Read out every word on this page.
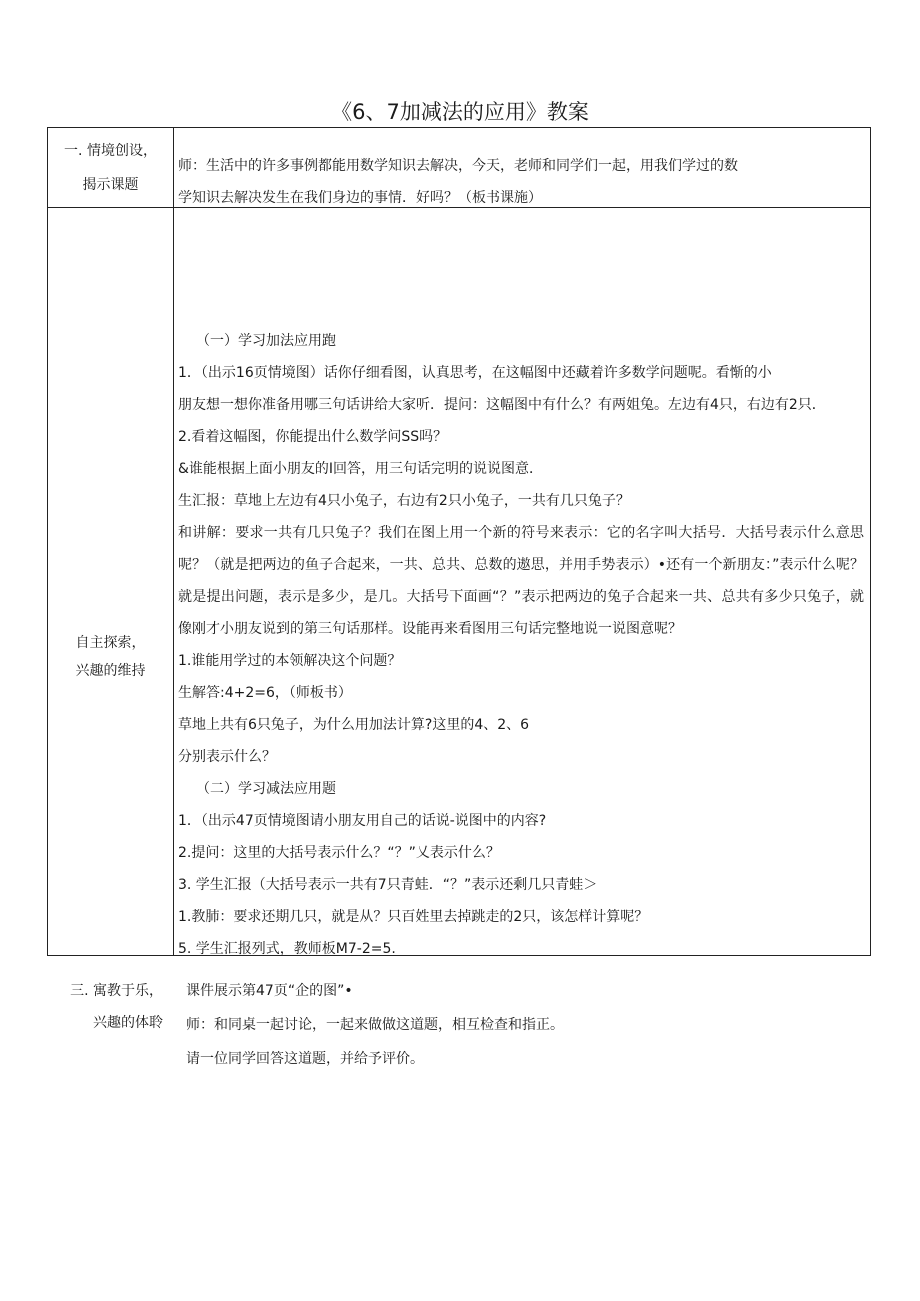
《6、7加减法的应用》教案
一. 情境创设，
揭示课题
师：生活中的许多事例都能用数学知识去解决，今天，老师和同学们一起，用我们学过的数
学知识去解决发生在我们身边的事情．好吗？（板书课施）
自主探索，
兴趣的维持
（一）学习加法应用跑
1．（出示16页情境图）话你仔细看图，认真思考，在这幅图中还藏着许多数学问题呢。看惭的小
朋友想一想你准备用哪三句话讲给大家听．提问：这幅图中有什么？有两姐兔。左边有4只，右边有2只．
2.看着这幅图，你能提出什么数学问SS吗？
&谁能根据上面小朋友的I回答，用三句话完明的说说图意．
生汇报：草地上左边有4只小兔子，右边有2只小兔子，一共有几只兔子？
和讲解：要求一共有几只兔子？我们在图上用一个新的符号来表示：它的名字叫大括号．大括号表示什么意思呢？（就是把两边的鱼子合起来，一共、总共、总数的遨思，并用手势表示）•还有一个新朋友：”表示什么呢？就是提出问题，表示是多少，是几。大括号下面画“？”表示把两边的兔子合起来一共、总共有多少只兔子，就像刚才小朋友说到的第三句话那样。设能再来看图用三句话完整地说一说图意呢？
1.谁能用学过的本领解决这个问题？
生解答:4+2=6，（师板书）
草地上共有6只兔子，为什么用加法计算?这里的4、2、6
分别表示什么？
（二）学习减法应用题
1．（出示47页情境图请小朋友用自己的话说-说图中的内容?
2.提问：这里的大括号表示什么？“？”乂表示什么？
3. 学生汇报（大括号表示一共有7只青蛙．“？”表示还剩几只青蛙＞
1.教肺：要求还期几只，就是从？只百姓里去掉跳走的2只，该怎样计算呢？
5. 学生汇报列式，教师板M7-2=5.
三. 寓教于乐，
兴趣的体聆
课件展示第47页“企的图”•
师：和同桌一起讨论，一起来做做这道题，相互检查和指正。
请一位同学回答这道题，并给予评价。
